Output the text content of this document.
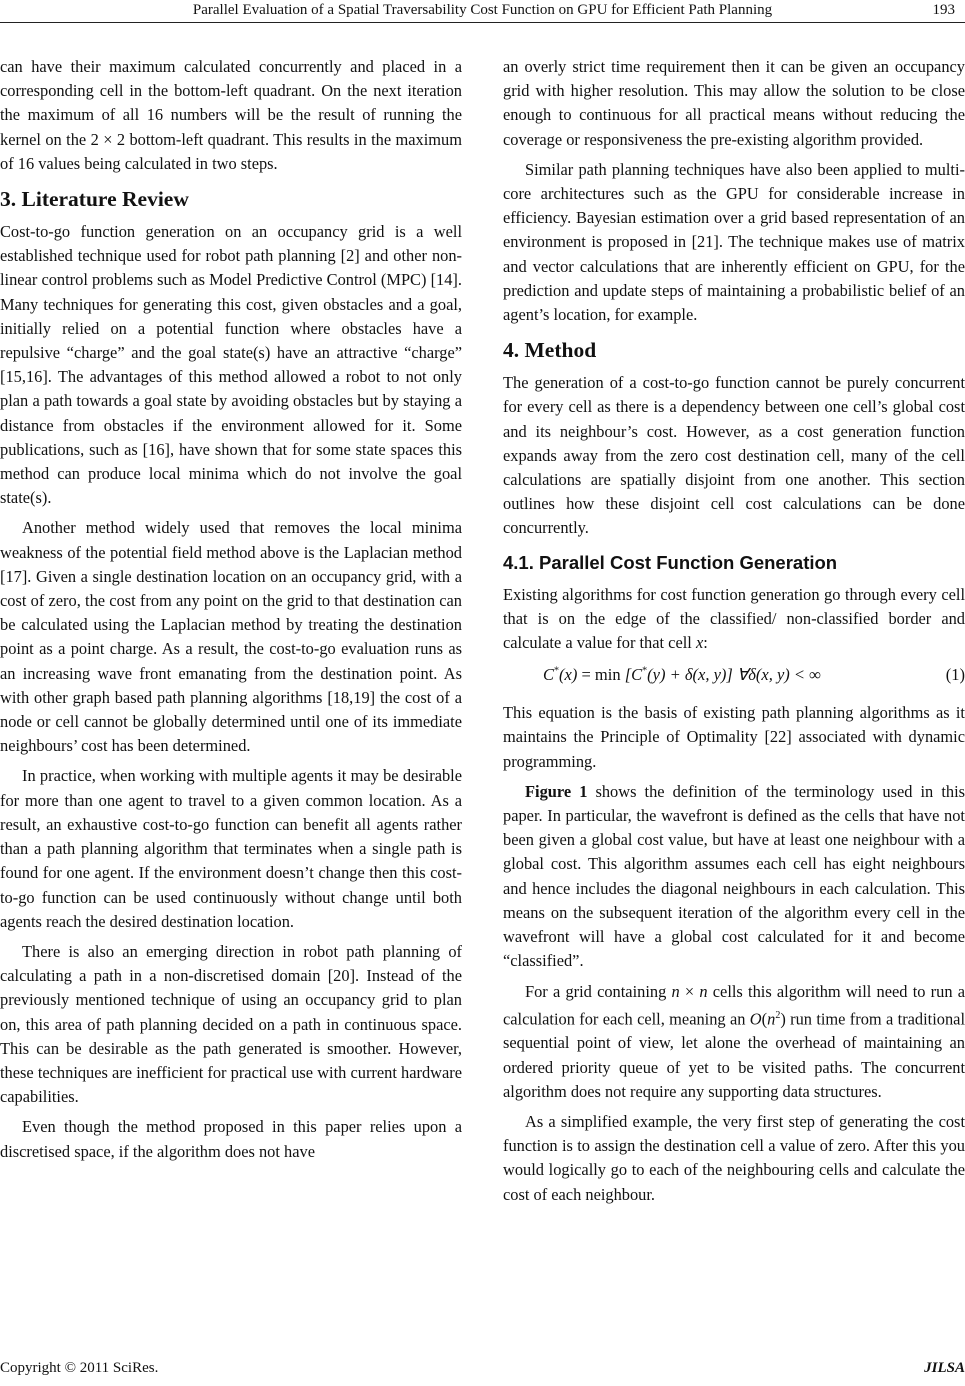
Parallel Evaluation of a Spatial Traversability Cost Function on GPU for Efficient Path Planning	193

can have their maximum calculated concurrently and placed in a corresponding cell in the bottom-left quadrant. On the next iteration the maximum of all 16 numbers will be the result of running the kernel on the 2 × 2 bottom-left quadrant. This results in the maximum of 16 values being calculated in two steps.

3. Literature Review

Cost-to-go function generation on an occupancy grid is a well established technique used for robot path planning [2] and other non-linear control problems such as Model Predictive Control (MPC) [14]. Many techniques for generating this cost, given obstacles and a goal, initially relied on a potential function where obstacles have a repulsive “charge” and the goal state(s) have an attractive “charge” [15,16]. The advantages of this method allowed a robot to not only plan a path towards a goal state by avoiding obstacles but by staying a distance from obstacles if the environment allowed for it. Some publications, such as [16], have shown that for some state spaces this method can produce local minima which do not involve the goal state(s).

Another method widely used that removes the local minima weakness of the potential field method above is the Laplacian method [17]. Given a single destination location on an occupancy grid, with a cost of zero, the cost from any point on the grid to that destination can be calculated using the Laplacian method by treating the destination point as a point charge. As a result, the cost-to-go evaluation runs as an increasing wave front emanating from the destination point. As with other graph based path planning algorithms [18,19] the cost of a node or cell cannot be globally determined until one of its immediate neighbours’ cost has been determined.

In practice, when working with multiple agents it may be desirable for more than one agent to travel to a given common location. As a result, an exhaustive cost-to-go function can benefit all agents rather than a path planning algorithm that terminates when a single path is found for one agent. If the environment doesn’t change then this cost-to-go function can be used continuously without change until both agents reach the desired destination location.

There is also an emerging direction in robot path planning of calculating a path in a non-discretised domain [20]. Instead of the previously mentioned technique of using an occupancy grid to plan on, this area of path planning decided on a path in continuous space. This can be desirable as the path generated is smoother. However, these techniques are inefficient for practical use with current hardware capabilities.

Even though the method proposed in this paper relies upon a discretised space, if the algorithm does not have

an overly strict time requirement then it can be given an occupancy grid with higher resolution. This may allow the solution to be close enough to continuous for all practical means without reducing the coverage or responsiveness the pre-existing algorithm provided.

Similar path planning techniques have also been applied to multi-core architectures such as the GPU for considerable increase in efficiency. Bayesian estimation over a grid based representation of an environment is proposed in [21]. The technique makes use of matrix and vector calculations that are inherently efficient on GPU, for the prediction and update steps of maintaining a probabilistic belief of an agent’s location, for example.

4. Method

The generation of a cost-to-go function cannot be purely concurrent for every cell as there is a dependency between one cell’s global cost and its neighbour’s cost. However, as a cost generation function expands away from the zero cost destination cell, many of the cell calculations are spatially disjoint from one another. This section outlines how these disjoint cell cost calculations can be done concurrently.

4.1. Parallel Cost Function Generation

Existing algorithms for cost function generation go through every cell that is on the edge of the classified/ non-classified border and calculate a value for that cell x:

C*(x) = min [C*(y) + δ(x, y)] ∀δ(x, y) < ∞	(1)

This equation is the basis of existing path planning algorithms as it maintains the Principle of Optimality [22] associated with dynamic programming.

Figure 1 shows the definition of the terminology used in this paper. In particular, the wavefront is defined as the cells that have not been given a global cost value, but have at least one neighbour with a global cost. This algorithm assumes each cell has eight neighbours and hence includes the diagonal neighbours in each calculation. This means on the subsequent iteration of the algorithm every cell in the wavefront will have a global cost calculated for it and become “classified”.

For a grid containing n × n cells this algorithm will need to run a calculation for each cell, meaning an $O(n^2)$ run time from a traditional sequential point of view, let alone the overhead of maintaining an ordered priority queue of yet to be visited paths. The concurrent algorithm does not require any supporting data structures.

As a simplified example, the very first step of generating the cost function is to assign the destination cell a value of zero. After this you would logically go to each of the neighbouring cells and calculate the cost of each neighbour.

Copyright © 2011 SciRes.	JILSA
